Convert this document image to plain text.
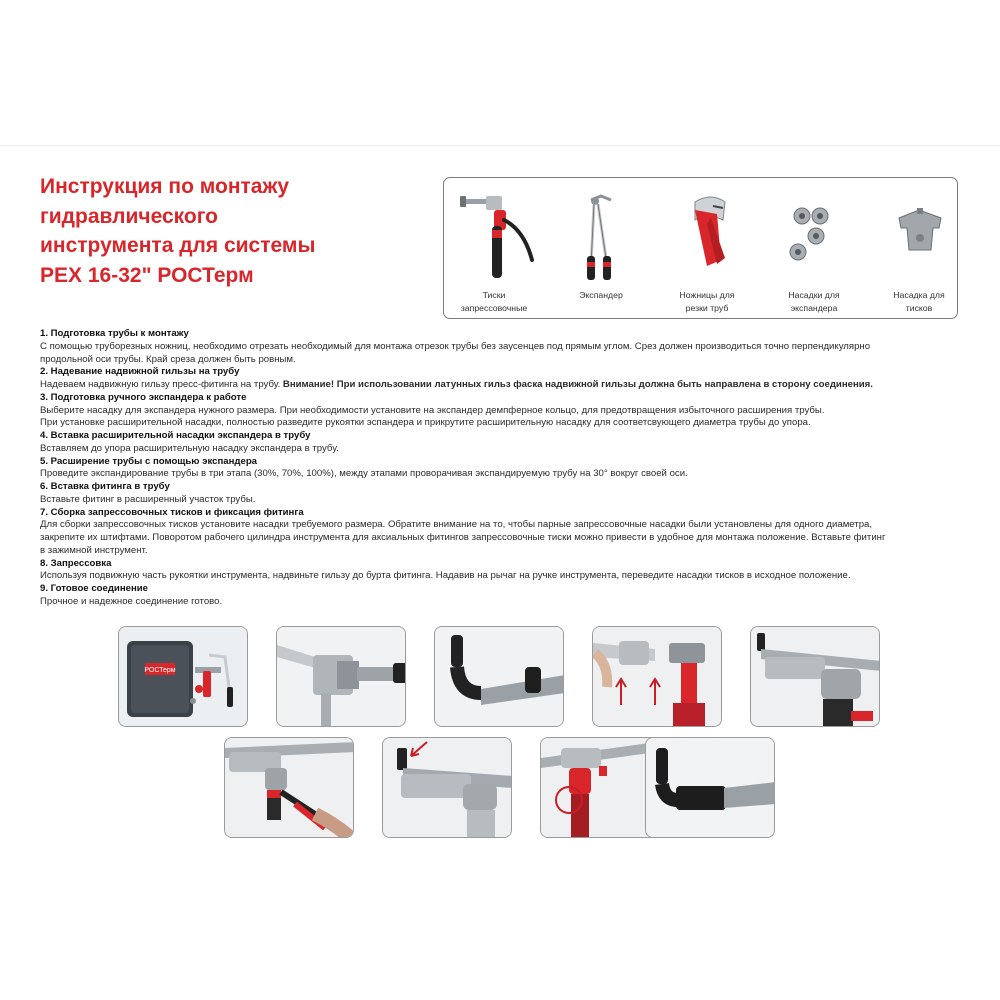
Инструкция по монтажу
гидравлического
инструмента для системы
PEX 16-32" РОСТерм
Тиски
запрессовочные
Экспандер	Ножницы для
резки труб
Насадки для
экспандера
Насадка для
тисков
1. Подготовка трубы к монтажу
С помощью труборезных ножниц, необходимо отрезать необходимый для монтажа отрезок трубы без заусенцев под прямым углом. Срез должен производиться точно перпендикулярно
продольной оси трубы. Край среза должен быть ровным.
2. Надевание надвижной гильзы на трубу
Надеваем надвижную гильзу пресс-фитинга на трубу. Внимание! При использовании латунных гильз фаска надвижной гильзы должна быть направлена в сторону соединения.
3. Подготовка ручного экспандера к работе
Выберите насадку для экспандера нужного размера. При необходимости установите на экспандер демпферное кольцо, для предотвращения избыточного расширения трубы.
При установке расширительной насадки, полностью разведите рукоятки эспандера и прикрутите расширительную насадку для соответсвующего диаметра трубы до упора.
4. Вставка расширительной насадки экспандера в трубу
Вставляем до упора расширительную насадку экспандера в трубу.
5. Расширение трубы с помощью экспандера
Проведите экспандирование трубы в три этапа (30%, 70%, 100%), между этапами проворачивая экспандируемую трубу на 30° вокруг своей оси.
6. Вставка фитинга в трубу
Вставьте фитинг в расширенный участок трубы.
7. Сборка запрессовочных тисков и фиксация фитинга
Для сборки запрессовочных тисков установите насадки требуемого размера. Обратите внимание на то, чтобы парные запрессовочные насадки были установлены для одного диаметра,
закрепите их штифтами. Поворотом рабочего цилиндра инструмента для аксиальных фитингов запрессовочные тиски можно привести в удобное для монтажа положение. Вставьте фитинг
в зажимной инструмент.
8. Запрессовка
Используя подвижную часть рукоятки инструмента, надвиньте гильзу до бурта фитинга. Надавив на рычаг на ручке инструмента, переведите насадки тисков в исходное положение.
9. Готовое соединение
Прочное и надежное соединение готово.
РОСТерм
